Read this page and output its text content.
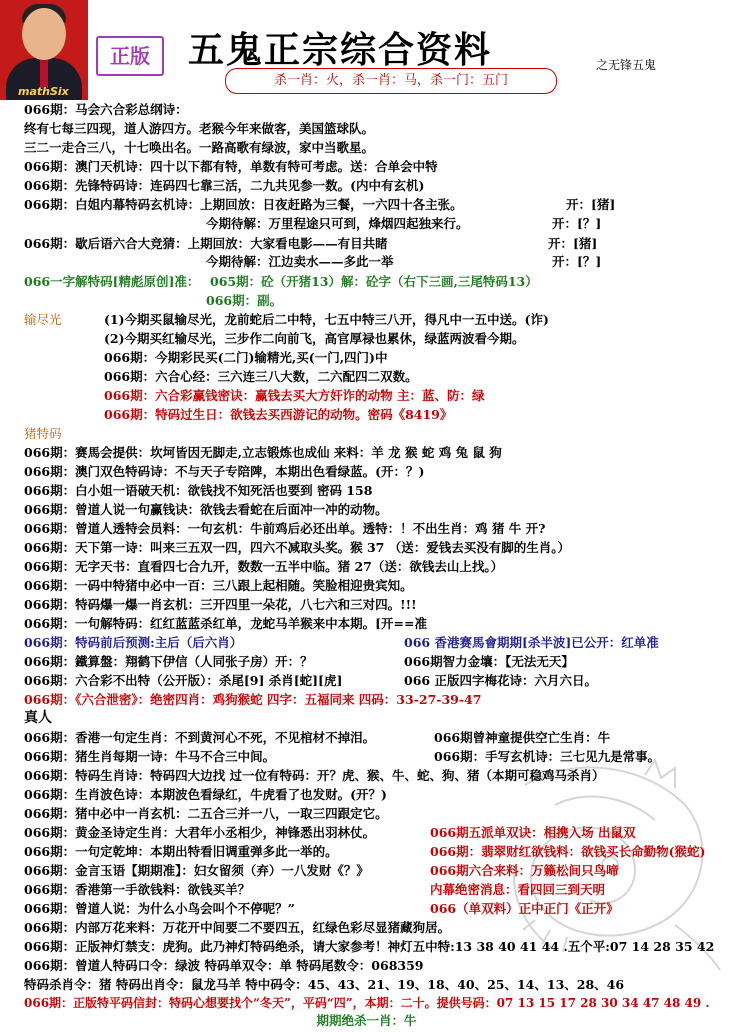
mathSix
正版	五鬼正宗综合资料	之无锋五鬼
杀一肖：火，杀一肖：马，杀一门：五门
066期：马会六合彩总纲诗：
终有七每三四现，道人游四方。老猴今年来做客，美国篮球队。
三二一走合三八，十七唤出名。一路高歌有绿波，家中当歌星。
066期：澳门天机诗：四十以下都有特，单数有特可考虑。送：合单会中特
066期：先锋特码诗：连码四七靠三活，二九共见参一数。(内中有玄机)
066期：白姐内幕特码玄机诗：上期回放：日夜赶路为三餐，一六四十各主张。	开：[猪]
今期待解：万里程途只可到，烽烟四起独来行。	开：[？]
066期：歇后语六合大竞猜：上期回放：大家看电影——有目共睹	开：[猪]
今期待解：江边卖水——多此一举	开：[？]
066一字解特码[精彪原创]准： 065期：砼（开猪13）解：砼字（右下三画,三尾特码13）
066期：副。
输尽光	(1)今期买鼠输尽光，龙前蛇后二中特，七五中特三八开，得凡中一五中送。(诈)
(2)今期买红输尽光，三步作二向前飞，高官厚禄也累休，绿蓝两波看今期。
066期：今期彩民买(二门)输精光,买(一门,四门)中
066期：六合心经：三六连三八大数，二六配四二双数。
066期：六合彩赢钱密诀：赢钱去买大方奸诈的动物 主：蓝、防：绿
066期：特码过生日：欲钱去买西游记的动物。密码《8419》
猪特码
066期：赛馬会提供：坎坷皆因无脚走,立志锻炼也成仙 来料：羊 龙 猴 蛇 鸡 兔 鼠 狗
066期：澳门双色特码诗：不与天子专陪陴，本期出色看绿蓝。(开：？)
066期：白小姐一语破天机：欲钱找不知死活也要到 密码 158
066期：曾道人说一句赢钱诀：欲钱去看蛇在后面冲一冲的动物。
066期：曾道人透特会员料：一句玄机：牛前鸡后必还出单。透特：！不出生肖：鸡 猪 牛 开?
066期：天下第一诗：叫来三五双一四，四六不减取头奖。猴 37 （送：爱钱去买没有脚的生肖。）
066期：无字天书：直看四七合九开，数数一五半中临。猪 27（送：欲钱去山上找。）
066期：一码中特猪中必中一百：三八跟上起相随。笑脸相迎贵宾知。
066期：特码爆一爆一肖玄机：三开四里一朵花，八七六和三对四。!!!
066期：一句解特码：红红蓝蓝杀红单，龙蛇马羊猴来中本期。[开==准
066期：特码前后预测:主后（后六肖）	066 香港赛馬會期期[杀半波]已公开：红单准
066期：鐵算盤：翔鹤下伊信（人同张子房）开：？	066期智力金壤：【无法无天】
066期：六合彩不出特（公开版）：杀尾[9] 杀肖[蛇][虎]	066 正版四字梅花诗：六月六日。
066期：《六合泄密》：绝密四肖：鸡狗猴蛇 四字：五福同来 四码：33-27-39-47
真人
066期：香港一句定生肖：不到黄河心不死，不见棺材不掉泪。	066期曾神童提供空亡生肖：牛
066期：猪生肖每期一诗：牛马不合三中间。	066期：手写玄机诗：三七见九是常事。
066期：特码生肖诗：特码四大边找 过一位有特码：开？虎、猴、牛、蛇、狗、猪（本期可稳鸡马杀肖）
066期：生肖波色诗：本期波色看绿红，牛虎看了也发财。(开？)
066期：猪中必中一肖玄机：二五合三并一八，一取三四跟定它。
066期：黄金圣诗定生肖：大君年小丞相少，神锋悉出羽林仗。	066期五派单双诀：相携入场 出鼠双
066期：一句定乾坤：本期出特看旧调重弹多此一举的。	066期：翡翠财红欲钱料：欲钱买长命勤物(猴蛇)
066期：金言玉语【期期准】：妇女留须（弃）一八发财《？》	066期六合来料：万籁松间只鸟啼
066期：香港第一手欲钱料：欲钱买羊？	内幕绝密消息：看四回三到天明
066期：曾道人说：为什么小鸟会叫个不停呢？”	066（单双料）正中正门《正开》
066期：内部万花来料：万花开中间要二不要四五，红绿色彩尽显猪藏狗居。
066期：正版神灯禁支：虎狗。此乃神灯特码绝杀，请大家参考！神灯五中特:13 38 40 41 44 .五个平:07 14 28 35 42
066期：曾道人特码口令：绿波 特码单双令：单 特码尾数令：068359
特码杀肖令：猪 特码出肖令：鼠龙马羊 特中码令：45、43、21、19、18、40、25、14、13、28、46
066期：正版特平码信封：特码心想要找个“冬天”，平码“四”，本期：二十。提供号码：07 13 15 17 28 30 34 47 48 49 .
期期绝杀一肖：牛
